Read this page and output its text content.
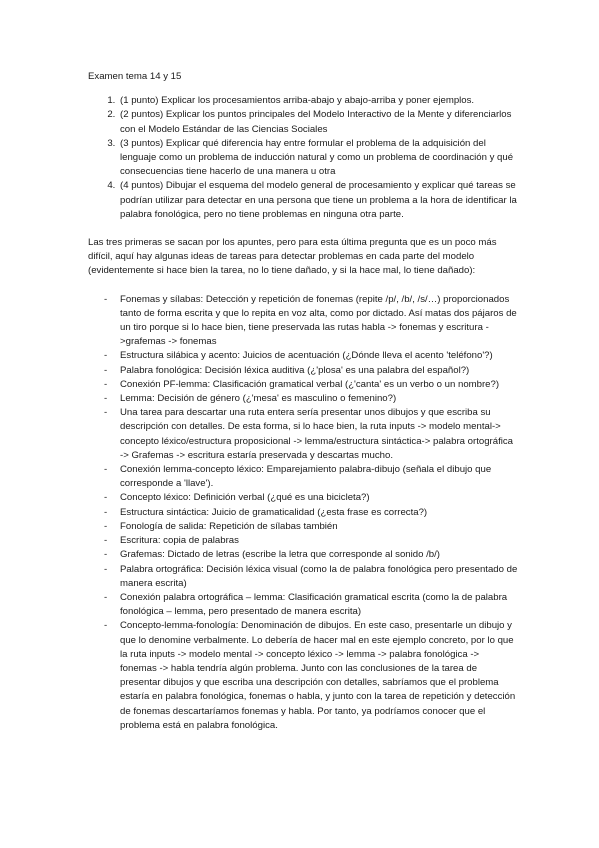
Examen tema 14 y 15

1. (1 punto) Explicar los procesamientos arriba-abajo y abajo-arriba y poner ejemplos.
2. (2 puntos) Explicar los puntos principales del Modelo Interactivo de la Mente y diferenciarlos con el Modelo Estándar de las Ciencias Sociales
3. (3 puntos) Explicar qué diferencia hay entre formular el problema de la adquisición del lenguaje como un problema de inducción natural y como un problema de coordinación y qué consecuencias tiene hacerlo de una manera u otra
4. (4 puntos) Dibujar el esquema del modelo general de procesamiento y explicar qué tareas se podrían utilizar para detectar en una persona que tiene un problema a la hora de identificar la palabra fonológica, pero no tiene problemas en ninguna otra parte.

Las tres primeras se sacan por los apuntes, pero para esta última pregunta que es un poco más difícil, aquí hay algunas ideas de tareas para detectar problemas en cada parte del modelo (evidentemente si hace bien la tarea, no lo tiene dañado, y si la hace mal, lo tiene dañado):

- Fonemas y sílabas: Detección y repetición de fonemas (repite /p/, /b/, /s/…) proporcionados tanto de forma escrita y que lo repita en voz alta, como por dictado. Así matas dos pájaros de un tiro porque si lo hace bien, tiene preservada las rutas habla -> fonemas y escritura ->grafemas -> fonemas
- Estructura silábica y acento: Juicios de acentuación (¿Dónde lleva el acento 'teléfono'?)
- Palabra fonológica: Decisión léxica auditiva (¿'plosa' es una palabra del español?)
- Conexión PF-lemma: Clasificación gramatical verbal (¿'canta' es un verbo o un nombre?)
- Lemma: Decisión de género (¿'mesa' es masculino o femenino?)
- Una tarea para descartar una ruta entera sería presentar unos dibujos y que escriba su descripción con detalles. De esta forma, si lo hace bien, la ruta inputs -> modelo mental-> concepto léxico/estructura proposicional -> lemma/estructura sintáctica-> palabra ortográfica -> Grafemas -> escritura estaría preservada y descartas mucho.
- Conexión lemma-concepto léxico: Emparejamiento palabra-dibujo (señala el dibujo que corresponde a 'llave').
- Concepto léxico: Definición verbal (¿qué es una bicicleta?)
- Estructura sintáctica: Juicio de gramaticalidad (¿esta frase es correcta?)
- Fonología de salida: Repetición de sílabas también
- Escritura: copia de palabras
- Grafemas: Dictado de letras (escribe la letra que corresponde al sonido /b/)
- Palabra ortográfica: Decisión léxica visual (como la de palabra fonológica pero presentado de manera escrita)
- Conexión palabra ortográfica – lemma: Clasificación gramatical escrita (como la de palabra fonológica – lemma, pero presentado de manera escrita)
- Concepto-lemma-fonología: Denominación de dibujos. En este caso, presentarle un dibujo y que lo denomine verbalmente. Lo debería de hacer mal en este ejemplo concreto, por lo que la ruta inputs -> modelo mental -> concepto léxico -> lemma -> palabra fonológica -> fonemas -> habla tendría algún problema. Junto con las conclusiones de la tarea de presentar dibujos y que escriba una descripción con detalles, sabríamos que el problema estaría en palabra fonológica, fonemas o habla, y junto con la tarea de repetición y detección de fonemas descartaríamos fonemas y habla. Por tanto, ya podríamos conocer que el problema está en palabra fonológica.
